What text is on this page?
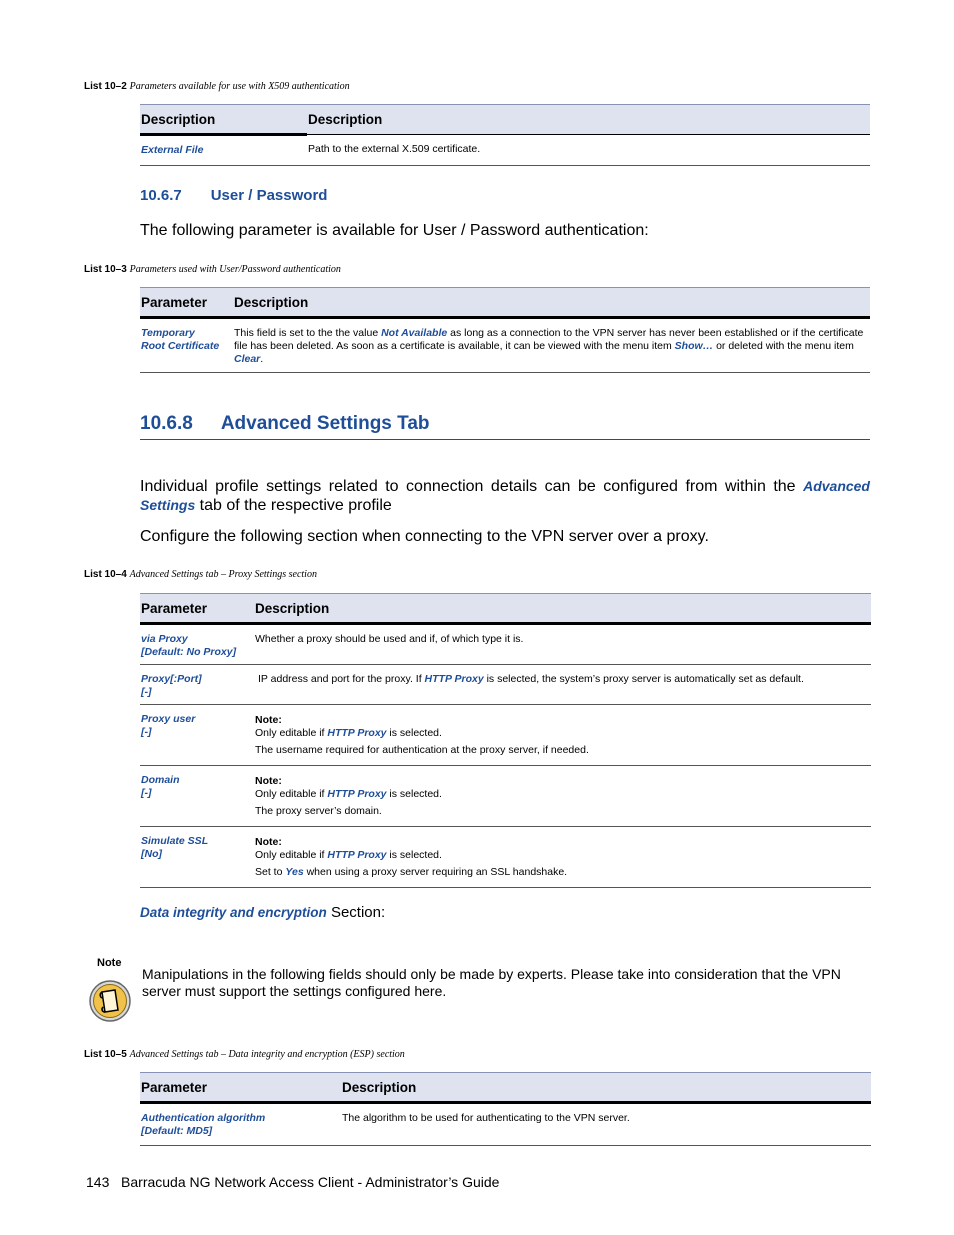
List 10–2 Parameters available for use with X509 authentication
Description	Description
External File	Path to the external X.509 certificate.
10.6.7 User / Password
The following parameter is available for User / Password authentication:
List 10–3 Parameters used with User/Password authentication
Parameter	Description

Temporary
Root Certificate	This field is set to the the value Not Available as long as a connection to the VPN server has never been established or if the certificate file has been deleted. As soon as a certificate is available, it can be viewed with the menu item Show… or deleted with the menu item Clear.
10.6.8 Advanced Settings Tab
Individual profile settings related to connection details can be configured from within the Advanced Settings tab of the respective profile
Configure the following section when connecting to the VPN server over a proxy.
List 10–4 Advanced Settings tab – Proxy Settings section
Parameter	Description

via Proxy
[Default: No Proxy]	Whether a proxy should be used and if, of which type it is.

Proxy[:Port]
[-]	IP address and port for the proxy. If HTTP Proxy is selected, the system’s proxy server is automatically set as default.

Proxy user
[-]	Note:
Only editable if HTTP Proxy is selected.
The username required for authentication at the proxy server, if needed.

Domain
[-]	Note:
Only editable if HTTP Proxy is selected.
The proxy server’s domain.

Simulate SSL
[No]	Note:
Only editable if HTTP Proxy is selected.
Set to Yes when using a proxy server requiring an SSL handshake.
Data integrity and encryption Section:
Note
Manipulations in the following fields should only be made by experts. Please take into consideration that the VPN server must support the settings configured here.
List 10–5 Advanced Settings tab – Data integrity and encryption (ESP) section
Parameter	Description

Authentication algorithm
[Default: MD5]	The algorithm to be used for authenticating to the VPN server.
143 Barracuda NG Network Access Client - Administrator’s Guide
